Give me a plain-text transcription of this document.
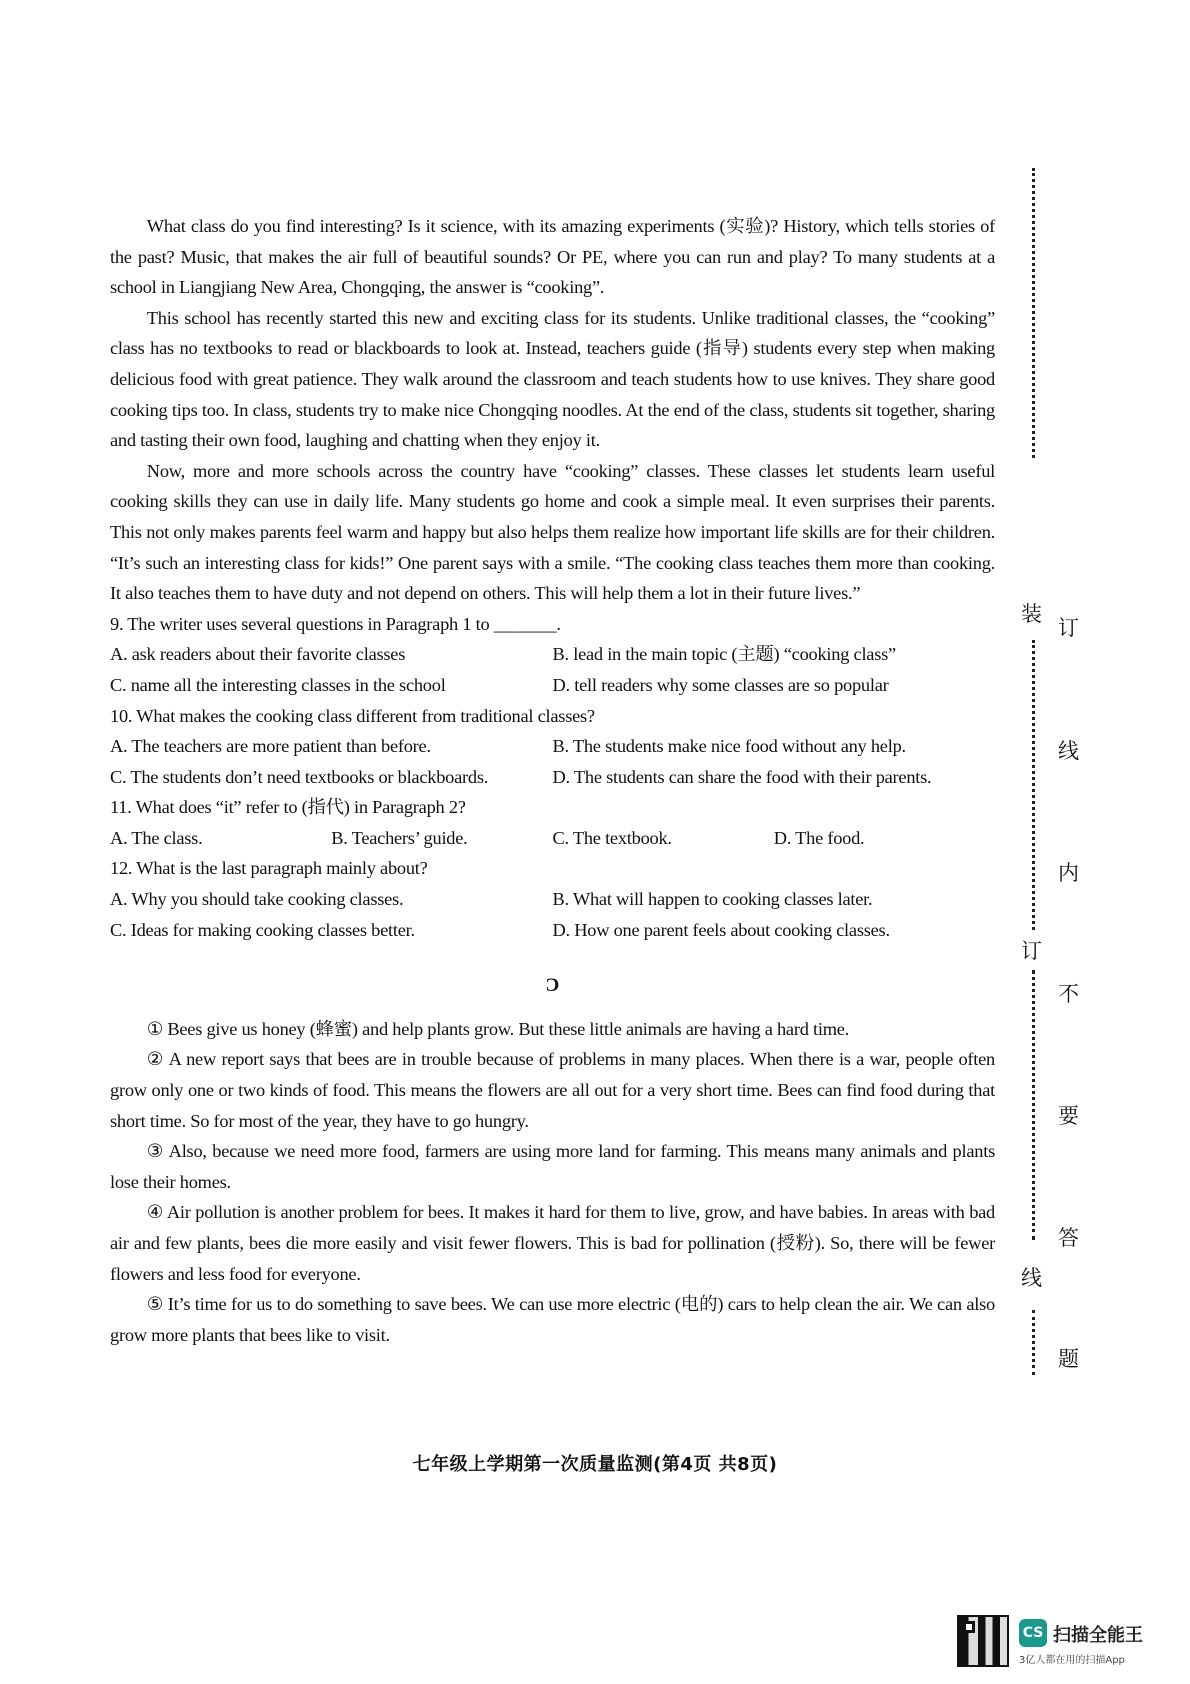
What class do you find interesting? Is it science, with its amazing experiments (实验)? History, which tells stories of the past? Music, that makes the air full of beautiful sounds? Or PE, where you can run and play? To many students at a school in Liangjiang New Area, Chongqing, the answer is “cooking”.

This school has recently started this new and exciting class for its students. Unlike traditional classes, the “cooking” class has no textbooks to read or blackboards to look at. Instead, teachers guide (指导) students every step when making delicious food with great patience. They walk around the classroom and teach students how to use knives. They share good cooking tips too. In class, students try to make nice Chongqing noodles. At the end of the class, students sit together, sharing and tasting their own food, laughing and chatting when they enjoy it.

Now, more and more schools across the country have “cooking” classes. These classes let students learn useful cooking skills they can use in daily life. Many students go home and cook a simple meal. It even surprises their parents. This not only makes parents feel warm and happy but also helps them realize how important life skills are for their children. “It’s such an interesting class for kids!” One parent says with a smile. “The cooking class teaches them more than cooking. It also teaches them to have duty and not depend on others. This will help them a lot in their future lives.”

9. The writer uses several questions in Paragraph 1 to _______.

A. ask readers about their favorite classes	B. lead in the main topic (主题) “cooking class”
C. name all the interesting classes in the school	D. tell readers why some classes are so popular

10. What makes the cooking class different from traditional classes?

A. The teachers are more patient than before.	B. The students make nice food without any help.
C. The students don’t need textbooks or blackboards.	D. The students can share the food with their parents.

11. What does “it” refer to (指代) in Paragraph 2?

A. The class.	B. Teachers’ guide.	C. The textbook.	D. The food.

12. What is the last paragraph mainly about?

A. Why you should take cooking classes.	B. What will happen to cooking classes later.
C. Ideas for making cooking classes better.	D. How one parent feels about cooking classes.
C

① Bees give us honey (蜂蜜) and help plants grow. But these little animals are having a hard time.

② A new report says that bees are in trouble because of problems in many places. When there is a war, people often grow only one or two kinds of food. This means the flowers are all out for a very short time. Bees can find food during that short time. So for most of the year, they have to go hungry.

③ Also, because we need more food, farmers are using more land for farming. This means many animals and plants lose their homes.

④ Air pollution is another problem for bees. It makes it hard for them to live, grow, and have babies. In areas with bad air and few plants, bees die more easily and visit fewer flowers. This is bad for pollination (授粉). So, there will be fewer flowers and less food for everyone.

⑤ It’s time for us to do something to save bees. We can use more electric (电的) cars to help clean the air. We can also grow more plants that bees like to visit.

七年级上学期第一次质量监测(第4页 共8页)
装
订
线
订
线
内
不
要
答
题
CS 扫描全能王
3亿人都在用的扫描App
